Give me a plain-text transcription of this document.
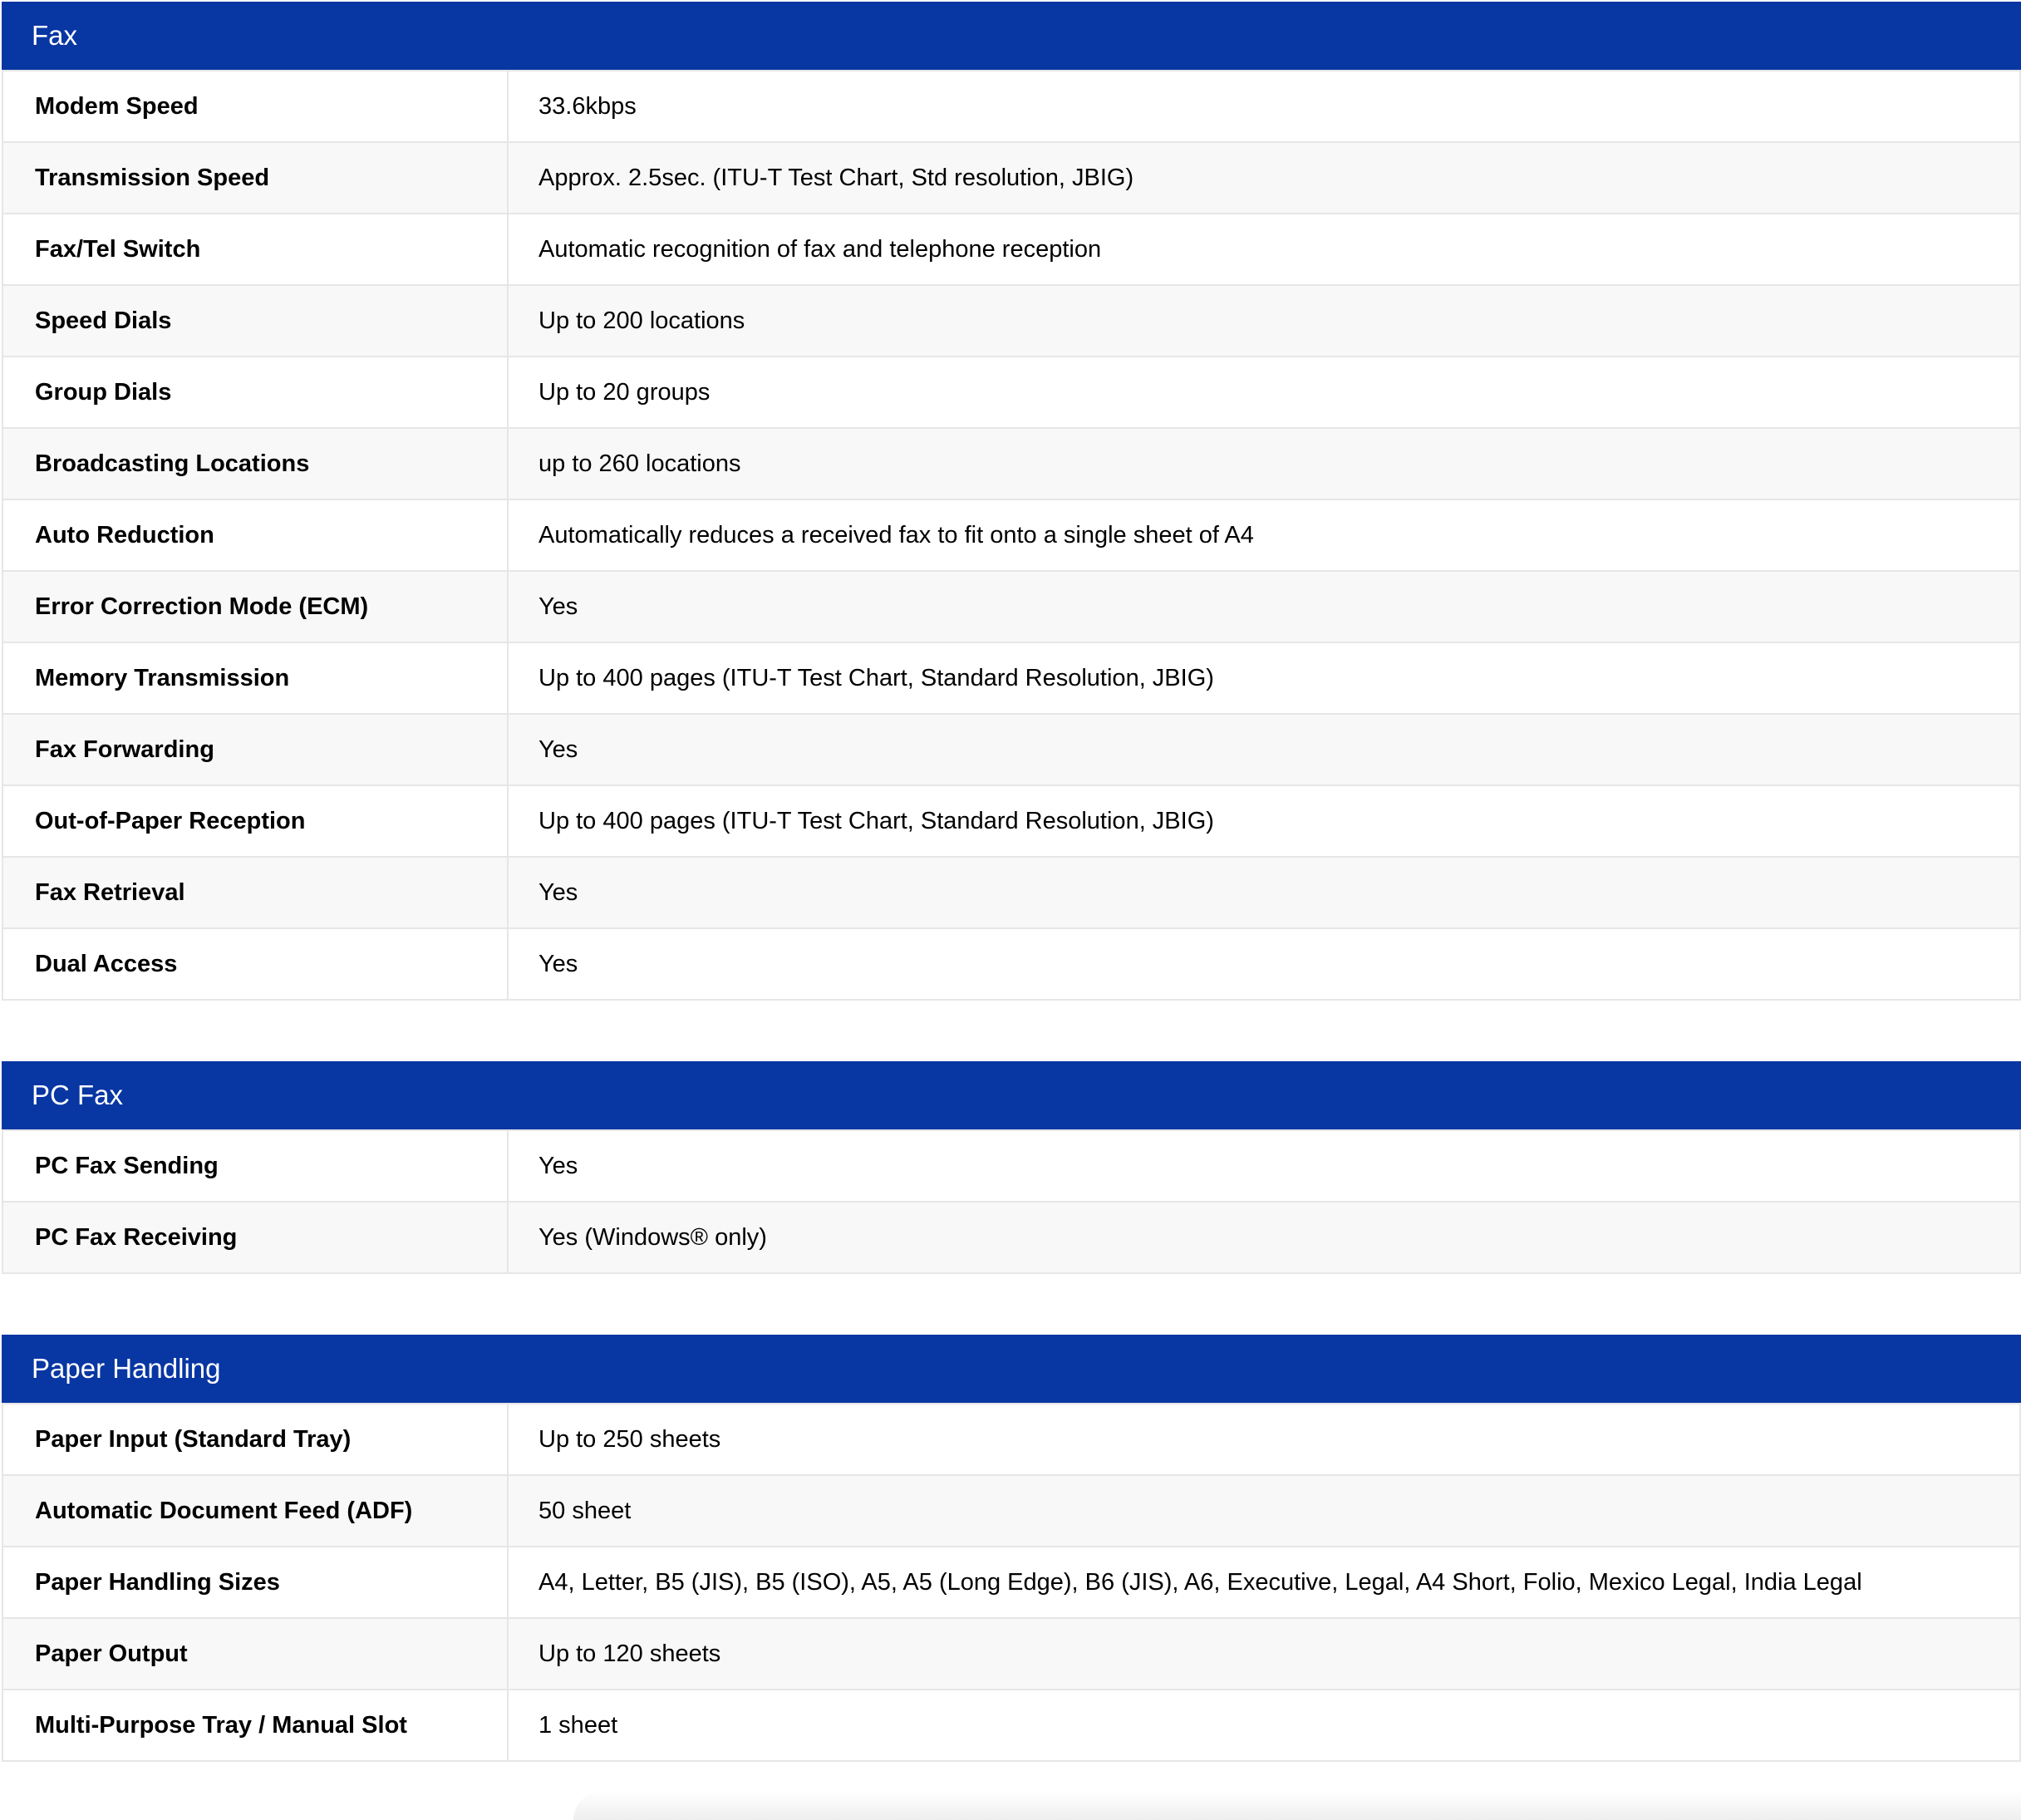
Fax
Modem Speed	33.6kbps
Transmission Speed	Approx. 2.5sec. (ITU-T Test Chart, Std resolution, JBIG)
Fax/Tel Switch	Automatic recognition of fax and telephone reception
Speed Dials	Up to 200 locations
Group Dials	Up to 20 groups
Broadcasting Locations	up to 260 locations
Auto Reduction	Automatically reduces a received fax to fit onto a single sheet of A4
Error Correction Mode (ECM)	Yes
Memory Transmission	Up to 400 pages (ITU-T Test Chart, Standard Resolution, JBIG)
Fax Forwarding	Yes
Out-of-Paper Reception	Up to 400 pages (ITU-T Test Chart, Standard Resolution, JBIG)
Fax Retrieval	Yes
Dual Access	Yes
PC Fax
PC Fax Sending	Yes
PC Fax Receiving	Yes (Windows® only)
Paper Handling
Paper Input (Standard Tray)	Up to 250 sheets
Automatic Document Feed (ADF)	50 sheet
Paper Handling Sizes	A4, Letter, B5 (JIS), B5 (ISO), A5, A5 (Long Edge), B6 (JIS), A6, Executive, Legal, A4 Short, Folio, Mexico Legal, India Legal
Paper Output	Up to 120 sheets
Multi-Purpose Tray / Manual Slot	1 sheet
